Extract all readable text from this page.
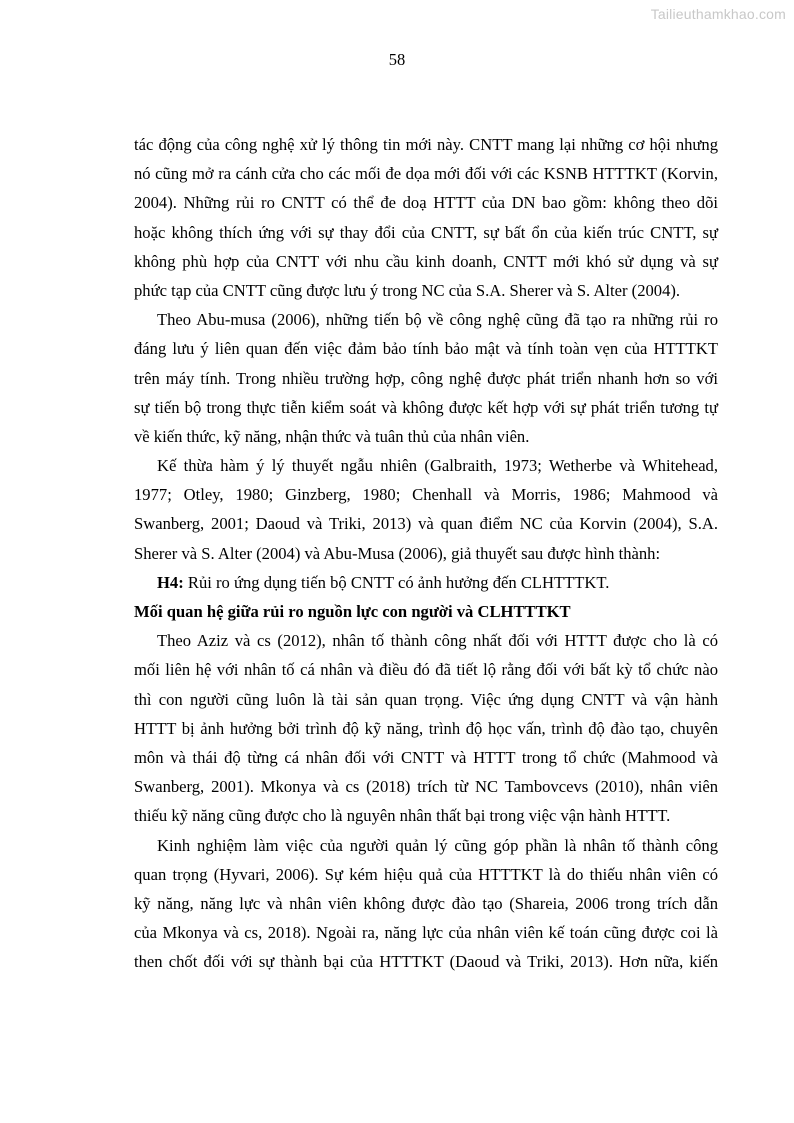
Tailieuthamkhao.com
58
tác động của công nghệ xử lý thông tin mới này. CNTT mang lại những cơ hội nhưng
nó cũng mở ra cánh cửa cho các mối đe dọa mới đối với các KSNB HTTTKT (Korvin,
2004). Những rủi ro CNTT có thể đe doạ HTTT của DN bao gồm: không theo dõi
hoặc không thích ứng với sự thay đổi của CNTT, sự bất ổn của kiến trúc CNTT, sự
không phù hợp của CNTT với nhu cầu kinh doanh, CNTT mới khó sử dụng và sự
phức tạp của CNTT cũng được lưu ý trong NC của S.A. Sherer và S. Alter (2004).
Theo Abu-musa (2006), những tiến bộ về công nghệ cũng đã tạo ra những rủi ro
đáng lưu ý liên quan đến việc đảm bảo tính bảo mật và tính toàn vẹn của HTTTKT
trên máy tính. Trong nhiều trường hợp, công nghệ được phát triển nhanh hơn so với
sự tiến bộ trong thực tiễn kiểm soát và không được kết hợp với sự phát triển tương tự
về kiến thức, kỹ năng, nhận thức và tuân thủ của nhân viên.
Kế thừa hàm ý lý thuyết ngẫu nhiên (Galbraith, 1973; Wetherbe và Whitehead,
1977; Otley, 1980; Ginzberg, 1980; Chenhall và Morris, 1986; Mahmood và
Swanberg, 2001; Daoud và Triki, 2013) và quan điểm NC của Korvin (2004), S.A.
Sherer và S. Alter (2004) và Abu-Musa (2006), giả thuyết sau được hình thành:
H4: Rủi ro ứng dụng tiến bộ CNTT có ảnh hưởng đến CLHTTTKT.
Mối quan hệ giữa rủi ro nguồn lực con người và CLHTTTKT
Theo Aziz và cs (2012), nhân tố thành công nhất đối với HTTT được cho là có
mối liên hệ với nhân tố cá nhân và điều đó đã tiết lộ rằng đối với bất kỳ tổ chức nào
thì con người cũng luôn là tài sản quan trọng. Việc ứng dụng CNTT và vận hành
HTTT bị ảnh hưởng bởi trình độ kỹ năng, trình độ học vấn, trình độ đào tạo, chuyên
môn và thái độ từng cá nhân đối với CNTT và HTTT trong tổ chức (Mahmood và
Swanberg, 2001). Mkonya và cs (2018) trích từ NC Tambovcevs (2010), nhân viên
thiếu kỹ năng cũng được cho là nguyên nhân thất bại trong việc vận hành HTTT.
Kinh nghiệm làm việc của người quản lý cũng góp phần là nhân tố thành công
quan trọng (Hyvari, 2006). Sự kém hiệu quả của HTTTKT là do thiếu nhân viên có
kỹ năng, năng lực và nhân viên không được đào tạo (Shareia, 2006 trong trích dẫn
của Mkonya và cs, 2018). Ngoài ra, năng lực của nhân viên kế toán cũng được coi là
then chốt đối với sự thành bại của HTTTKT (Daoud và Triki, 2013). Hơn nữa, kiến
